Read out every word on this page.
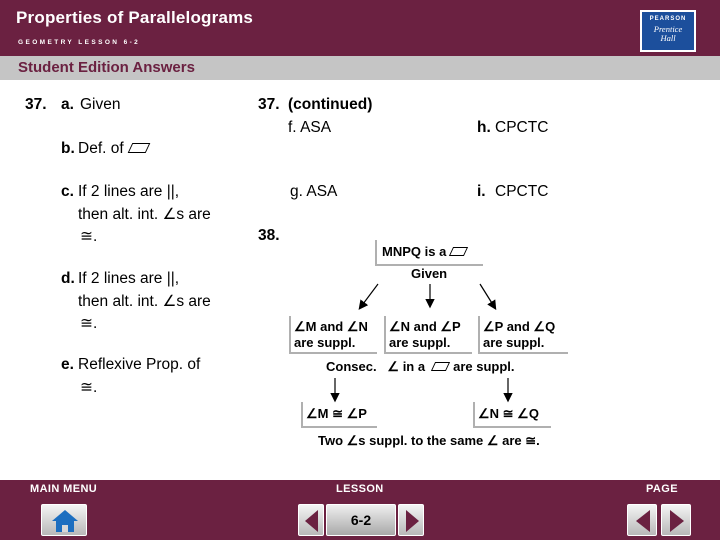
Properties of Parallelograms
GEOMETRY LESSON 6-2
PEARSON
Prentice
Hall
Student Edition Answers
37. a. Given
b. Def. of
c. If 2 lines are ||,
then alt. int. ∠s are
≅.
d. If 2 lines are ||,
then alt. int. ∠s are
≅.
e. Reflexive Prop. of
≅.
37. (continued)
f. ASA
g. ASA
h. CPCTC
i. CPCTC
38.
MNPQ is a
Given
∠M and ∠N
are suppl.
∠N and ∠P
are suppl.
∠P and ∠Q
are suppl.
Consec. ∠ in a are suppl.
∠M ≅ ∠P	∠N ≅ ∠Q
Two ∠s suppl. to the same ∠ are ≅.
MAIN MENU	LESSON	PAGE
6-2
